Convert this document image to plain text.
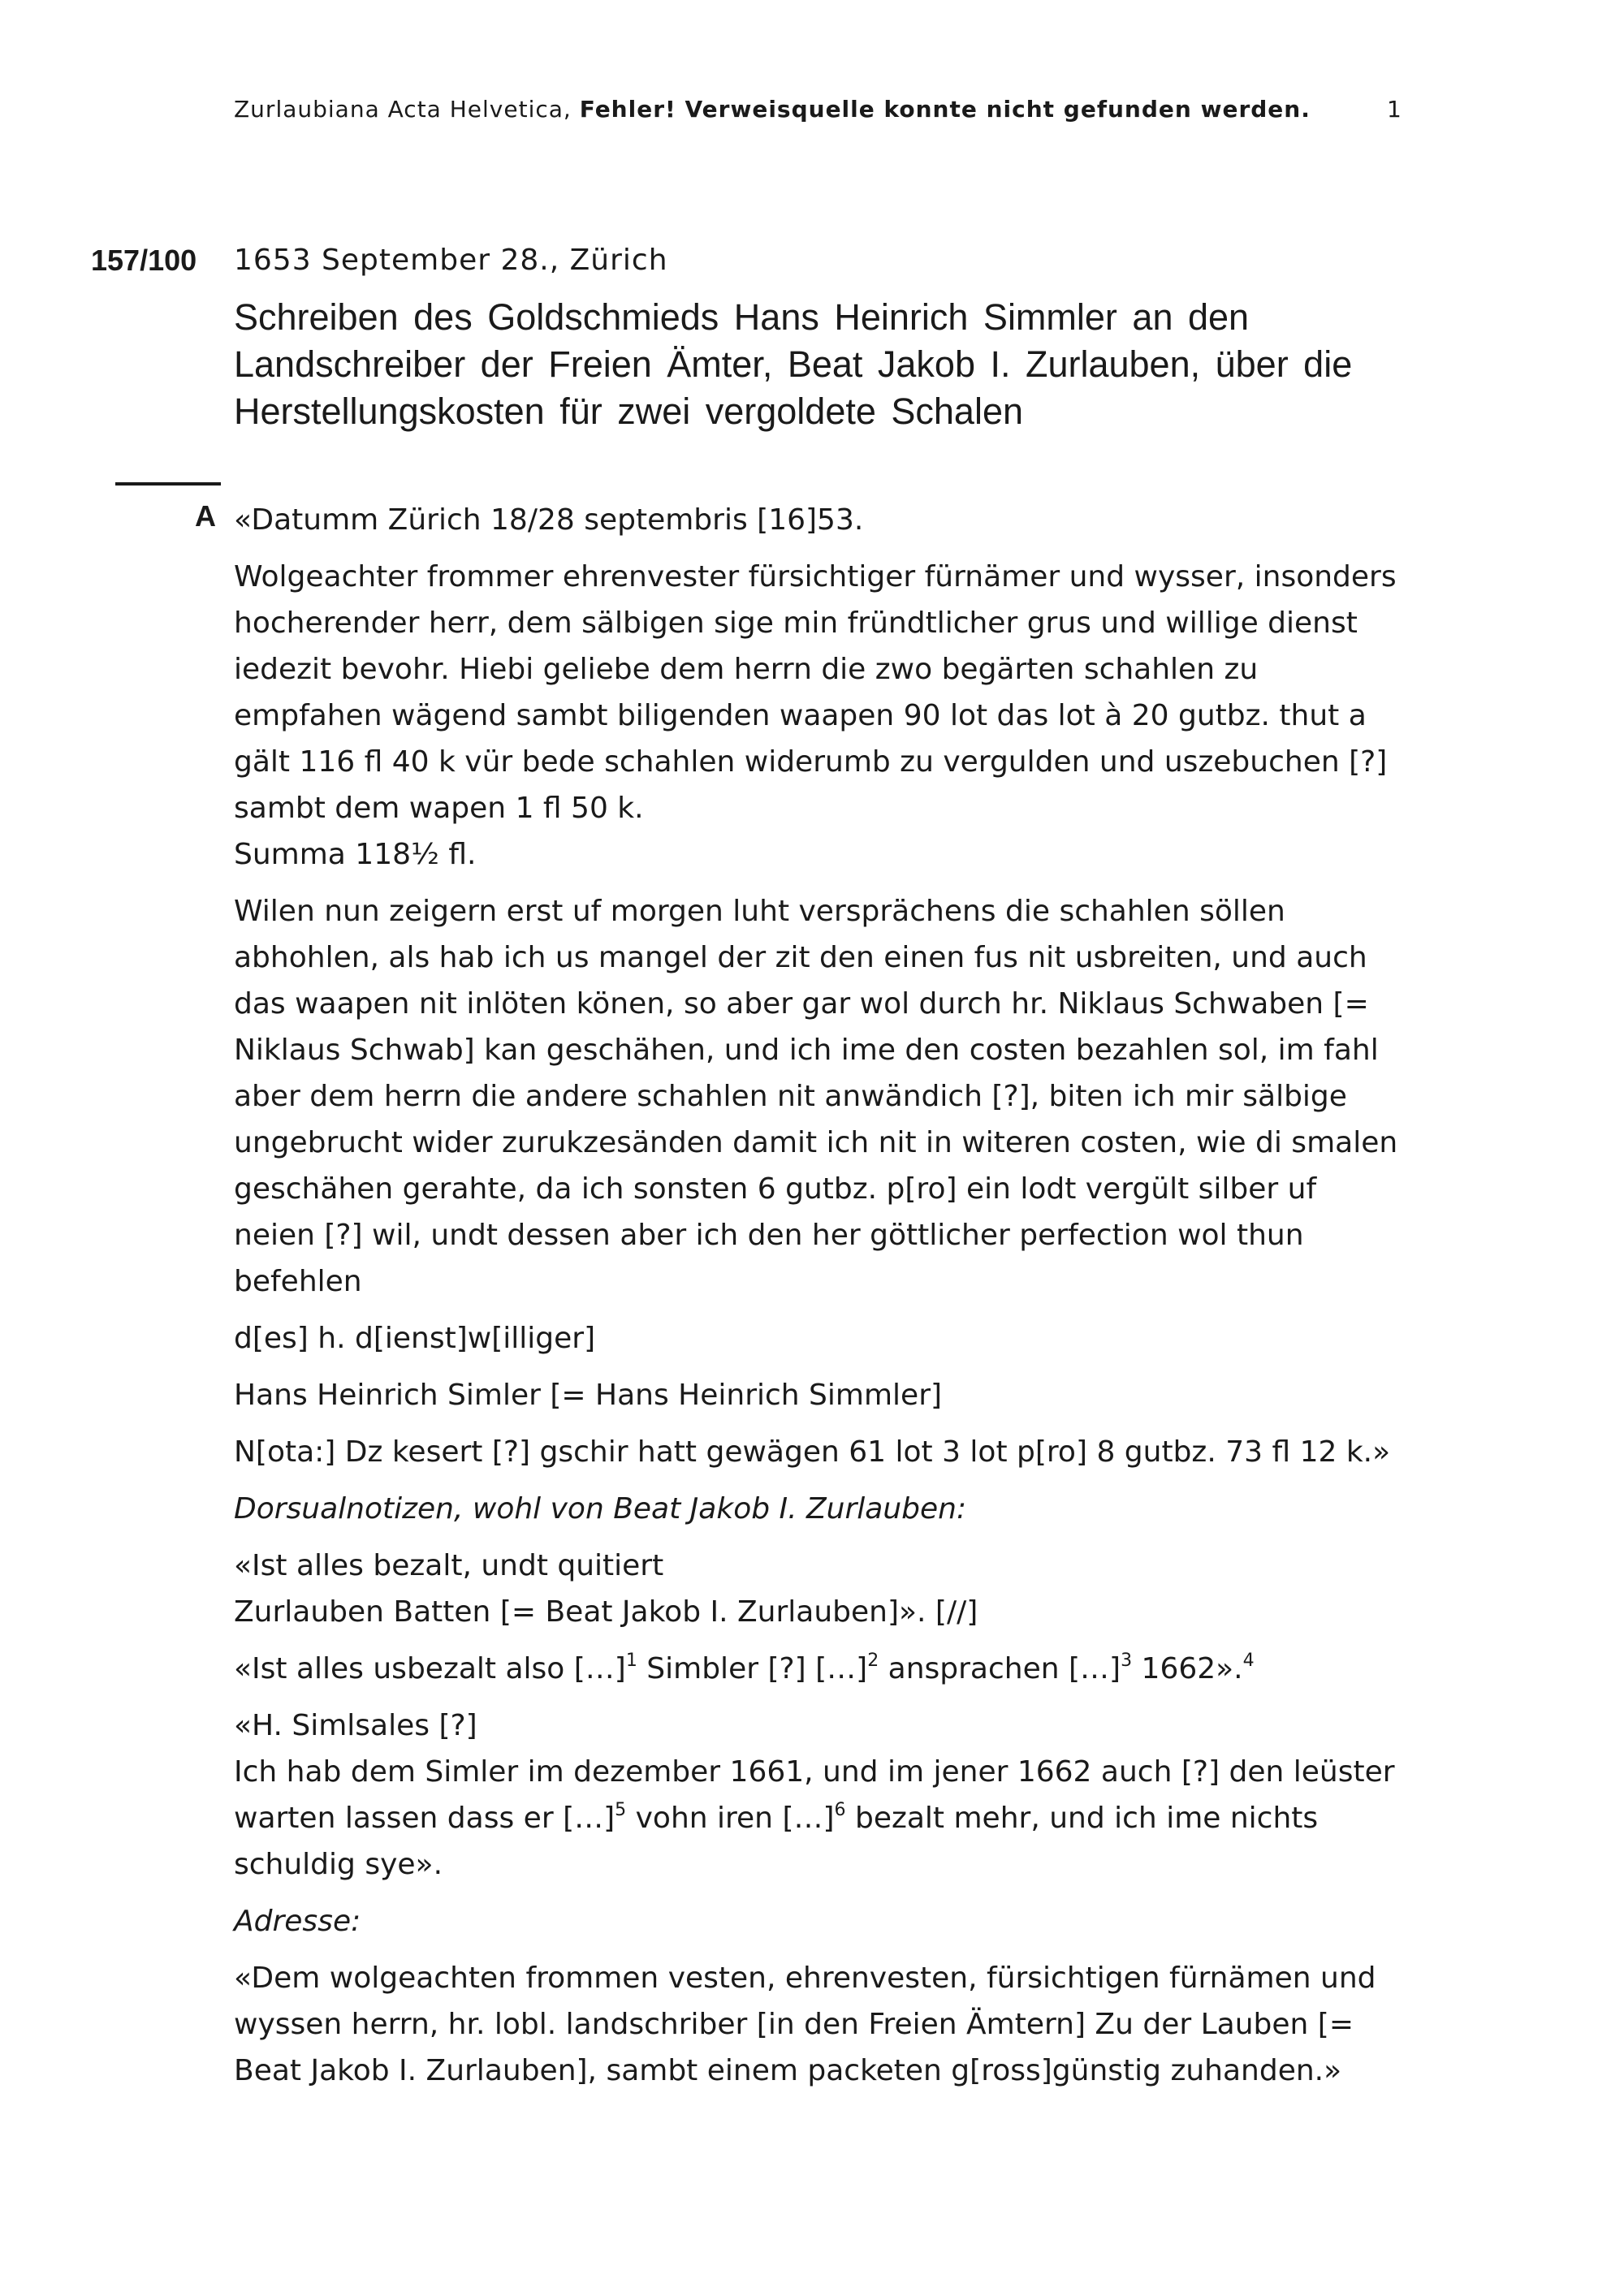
Zurlaubiana Acta Helvetica, Fehler! Verweisquelle konnte nicht gefunden werden.	1
157/100 1653 September 28., Zürich
Schreiben des Goldschmieds Hans Heinrich Simmler an den Landschreiber der Freien Ämter, Beat Jakob I. Zurlauben, über die Herstellungskosten für zwei vergoldete Schalen
A «Datumm Zürich 18/28 septembris [16]53.

Wolgeachter frommer ehrenvester fürsichtiger fürnämer und wysser, insonders hocherender herr, dem sälbigen sige min fründtlicher grus und willige dienst iedezit bevohr. Hiebi geliebe dem herrn die zwo begärten schahlen zu empfahen wägend sambt biligenden waapen 90 lot das lot à 20 gutbz. thut a gält 116 fl 40 k vür bede schahlen widerumb zu vergulden und uszebuchen [?] sambt dem wapen 1 fl 50 k.
Summa 118½ fl.

Wilen nun zeigern erst uf morgen luht versprächens die schahlen söllen abhohlen, als hab ich us mangel der zit den einen fus nit usbreiten, und auch das waapen nit inlöten könen, so aber gar wol durch hr. Niklaus Schwaben [= Niklaus Schwab] kan geschähen, und ich ime den costen bezahlen sol, im fahl aber dem herrn die andere schahlen nit anwändich [?], biten ich mir sälbige ungebrucht wider zurukzesänden damit ich nit in witeren costen, wie di smalen geschähen gerahte, da ich sonsten 6 gutbz. p[ro] ein lodt vergült silber uf neien [?] wil, undt dessen aber ich den her göttlicher perfection wol thun befehlen

d[es] h. d[ienst]w[illiger]

Hans Heinrich Simler [= Hans Heinrich Simmler]

N[ota:] Dz kesert [?] gschir hatt gewägen 61 lot 3 lot p[ro] 8 gutbz. 73 fl 12 k.»

Dorsualnotizen, wohl von Beat Jakob I. Zurlauben:

«Ist alles bezalt, undt quitiert
Zurlauben Batten [= Beat Jakob I. Zurlauben]». [//]

«Ist alles usbezalt also […]$^1$ Simbler [?] […]$^2$ ansprachen […]$^3$ 1662».$^4$

«H. Simlsales [?]
Ich hab dem Simler im dezember 1661, und im jener 1662 auch [?] den leüster warten lassen dass er […]$^5$ vohn iren […]$^6$ bezalt mehr, und ich ime nichts schuldig sye».

Adresse:

«Dem wolgeachten frommen vesten, ehrenvesten, fürsichtigen fürnämen und wyssen herrn, hr. lobl. landschriber [in den Freien Ämtern] Zu der Lauben [= Beat Jakob I. Zurlauben], sambt einem packeten g[ross]günstig zuhanden.»
